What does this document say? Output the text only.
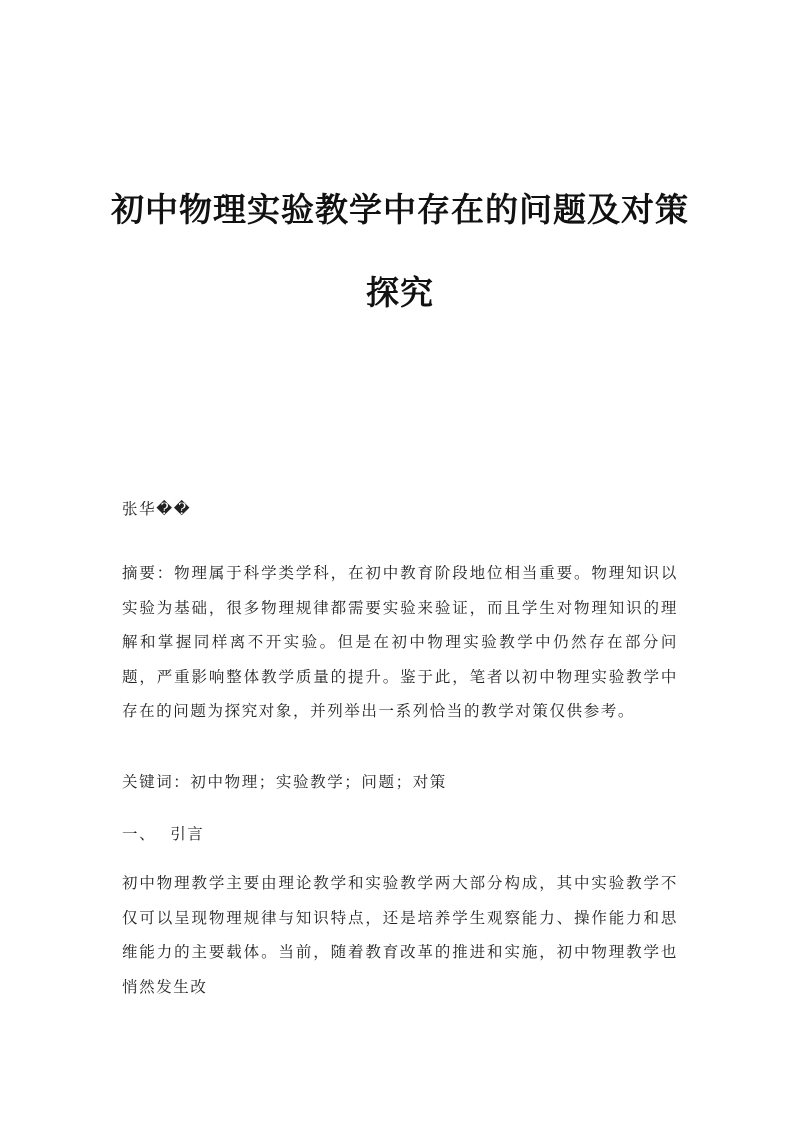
初中物理实验教学中存在的问题及对策
探究
张华��
摘要：物理属于科学类学科，在初中教育阶段地位相当重要。物理知识以实验为基础，很多物理规律都需要实验来验证，而且学生对物理知识的理解和掌握同样离不开实验。但是在初中物理实验教学中仍然存在部分问题，严重影响整体教学质量的提升。鉴于此，笔者以初中物理实验教学中存在的问题为探究对象，并列举出一系列恰当的教学对策仅供参考。
关键词：初中物理；实验教学；问题；对策
一、 引言
初中物理教学主要由理论教学和实验教学两大部分构成，其中实验教学不仅可以呈现物理规律与知识特点，还是培养学生观察能力、操作能力和思维能力的主要载体。当前，随着教育改革的推进和实施，初中物理教学也悄然发生改
